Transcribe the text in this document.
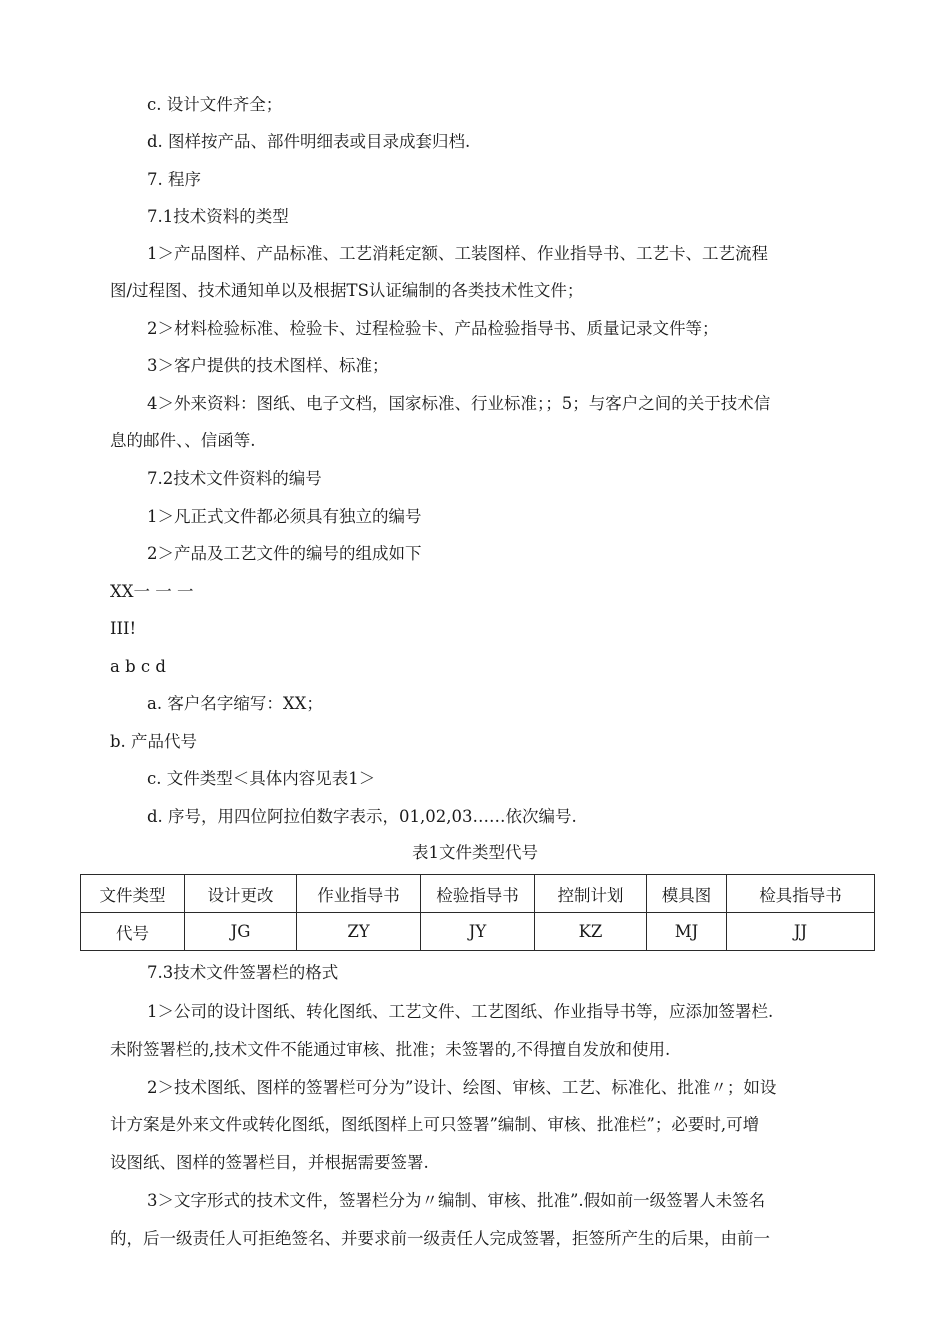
c. 设计文件齐全；
d. 图样按产品、部件明细表或目录成套归档.
7. 程序
7.1技术资料的类型
1＞产品图样、产品标准、工艺消耗定额、工装图样、作业指导书、工艺卡、工艺流程
图/过程图、技术通知单以及根据TS认证编制的各类技术性文件；
2＞材料检验标准、检验卡、过程检验卡、产品检验指导书、质量记录文件等；
3＞客户提供的技术图样、标准；
4＞外来资料：图纸、电子文档，国家标准、行业标准；；5；与客户之间的关于技术信
息的邮件、、信函等.
7.2技术文件资料的编号
1＞凡正式文件都必须具有独立的编号
2＞产品及工艺文件的编号的组成如下
XX一 一 一
III!
a b c d
a. 客户名字缩写：XX；
b. 产品代号
c. 文件类型＜具体内容见表1＞
d. 序号，用四位阿拉伯数字表示，01,02,03……依次编号.
表1文件类型代号
文件类型	设计更改	作业指导书	检验指导书	控制计划	模具图	检具指导书
代号	JG	ZY	JY	KZ	MJ	JJ
7.3技术文件签署栏的格式
1＞公司的设计图纸、转化图纸、工艺文件、工艺图纸、作业指导书等，应添加签署栏.
未附签署栏的,技术文件不能通过审核、批准；未签署的,不得擅自发放和使用.
2＞技术图纸、图样的签署栏可分为”设计、绘图、审核、工艺、标准化、批准〃；如设
计方案是外来文件或转化图纸，图纸图样上可只签署”编制、审核、批准栏”；必要时,可增
设图纸、图样的签署栏目，并根据需要签署.
3＞文字形式的技术文件，签署栏分为〃编制、审核、批准”.假如前一级签署人未签名
的，后一级责任人可拒绝签名、并要求前一级责任人完成签署，拒签所产生的后果，由前一
